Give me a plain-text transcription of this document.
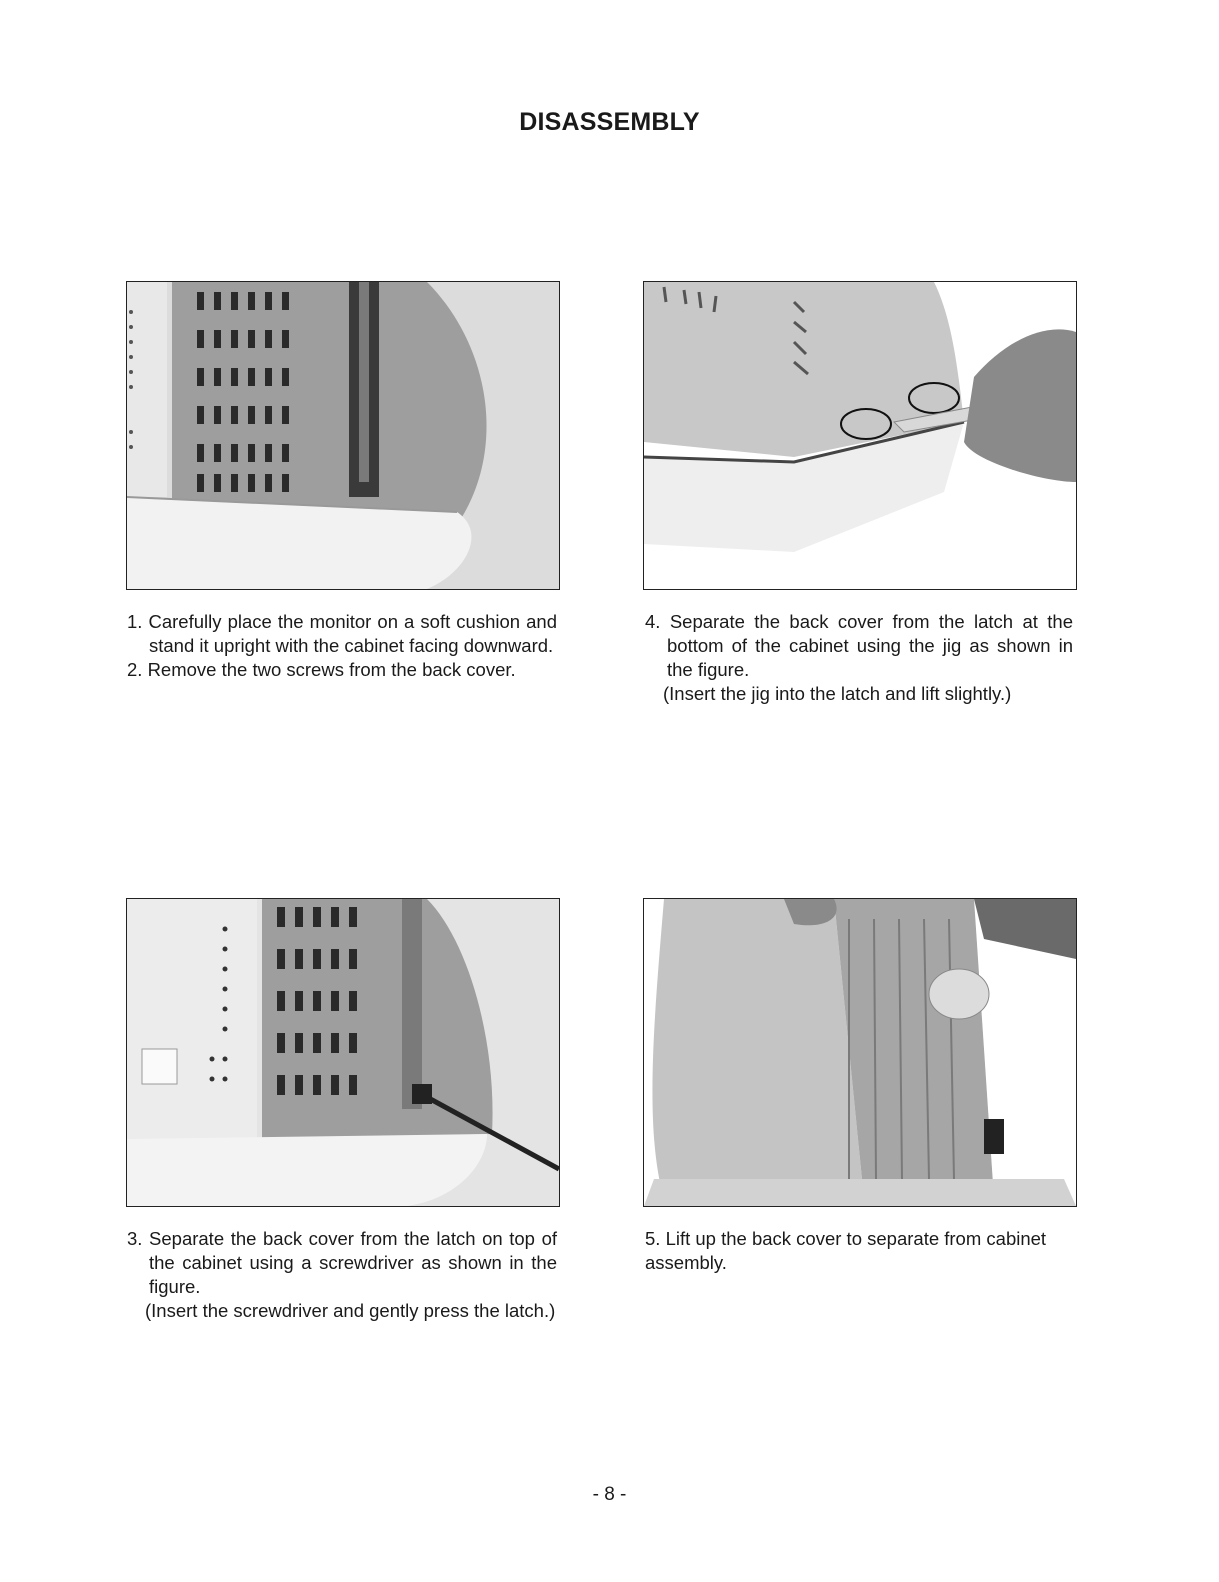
DISASSEMBLY

1. Carefully place the monitor on a soft cushion and stand it upright with the cabinet facing downward.

2. Remove the two screws from the back cover.

4. Separate the back cover from the latch at the bottom of the cabinet using the jig as shown in the figure.

(Insert the jig into the latch and lift slightly.)

3. Separate the back cover from the latch on top of the cabinet using a screwdriver as shown in the figure.

(Insert the screwdriver and gently press the latch.)

5. Lift up the back cover to separate from cabinet assembly.

- 8 -
